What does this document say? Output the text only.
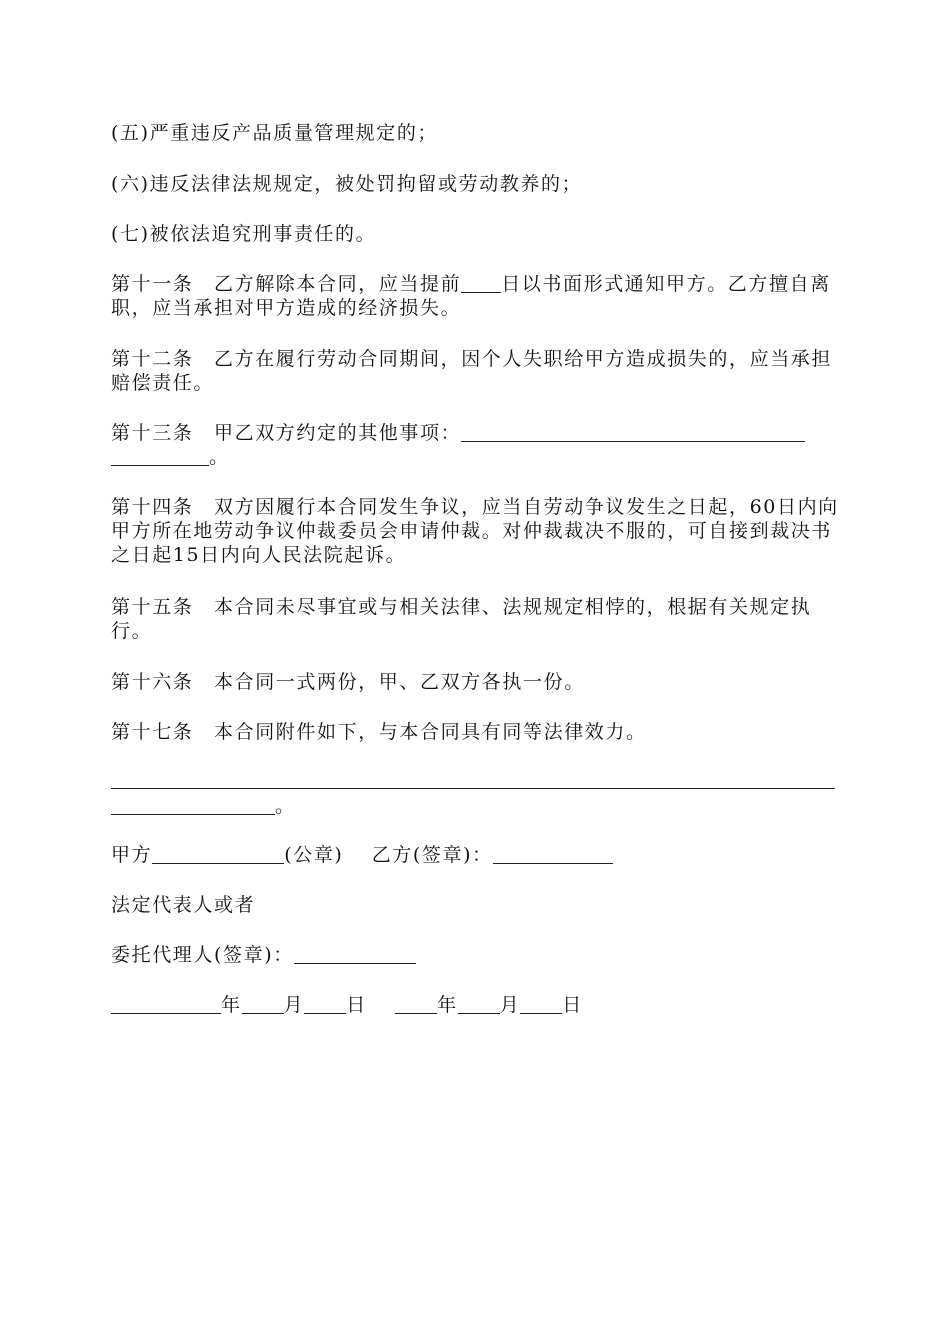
(五)严重违反产品质量管理规定的；

(六)违反法律法规规定，被处罚拘留或劳动教养的；

(七)被依法追究刑事责任的。

第十一条　乙方解除本合同，应当提前 日以书面形式通知甲方。乙方擅自离职，应当承担对甲方造成的经济损失。

第十二条　乙方在履行劳动合同期间，因个人失职给甲方造成损失的，应当承担赔偿责任。

第十三条　甲乙双方约定的其他事项：
。

第十四条　双方因履行本合同发生争议，应当自劳动争议发生之日起，60日内向甲方所在地劳动争议仲裁委员会申请仲裁。对仲裁裁决不服的，可自接到裁决书之日起15日内向人民法院起诉。

第十五条　本合同未尽事宜或与相关法律、法规规定相悖的，根据有关规定执行。

第十六条　本合同一式两份，甲、乙双方各执一份。

第十七条　本合同附件如下，与本合同具有同等法律效力。

。

甲方	(公章)　 乙方(签章)：

法定代表人或者

委托代理人(签章)：

年 月 日　	年 月 日
